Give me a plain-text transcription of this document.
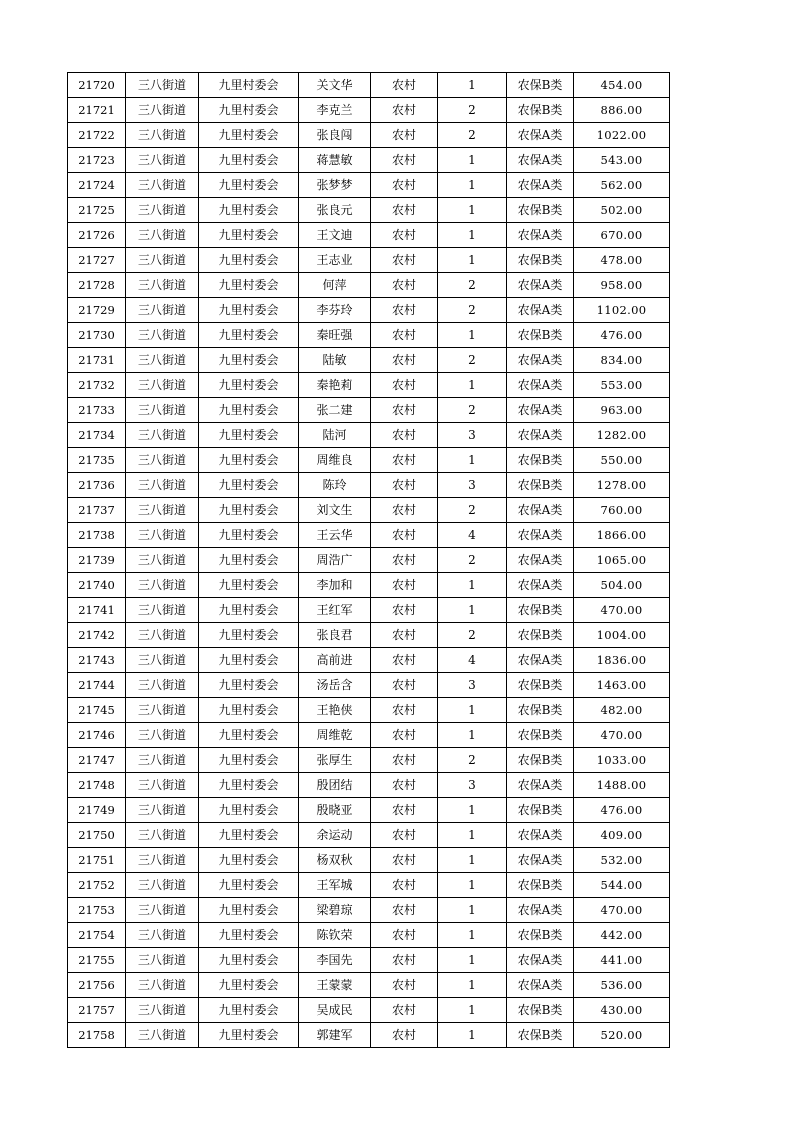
21720	三八街道	九里村委会	关文华	农村	1	农保B类	454.00
21721	三八街道	九里村委会	李克兰	农村	2	农保B类	886.00
21722	三八街道	九里村委会	张良闯	农村	2	农保A类	1022.00
21723	三八街道	九里村委会	蒋慧敏	农村	1	农保A类	543.00
21724	三八街道	九里村委会	张梦梦	农村	1	农保A类	562.00
21725	三八街道	九里村委会	张良元	农村	1	农保B类	502.00
21726	三八街道	九里村委会	王文迪	农村	1	农保A类	670.00
21727	三八街道	九里村委会	王志业	农村	1	农保B类	478.00
21728	三八街道	九里村委会	何萍	农村	2	农保A类	958.00
21729	三八街道	九里村委会	李芬玲	农村	2	农保A类	1102.00
21730	三八街道	九里村委会	秦旺强	农村	1	农保B类	476.00
21731	三八街道	九里村委会	陆敏	农村	2	农保A类	834.00
21732	三八街道	九里村委会	秦艳莉	农村	1	农保A类	553.00
21733	三八街道	九里村委会	张二建	农村	2	农保A类	963.00
21734	三八街道	九里村委会	陆河	农村	3	农保A类	1282.00
21735	三八街道	九里村委会	周维良	农村	1	农保B类	550.00
21736	三八街道	九里村委会	陈玲	农村	3	农保B类	1278.00
21737	三八街道	九里村委会	刘文生	农村	2	农保A类	760.00
21738	三八街道	九里村委会	王云华	农村	4	农保A类	1866.00
21739	三八街道	九里村委会	周浩广	农村	2	农保A类	1065.00
21740	三八街道	九里村委会	李加和	农村	1	农保A类	504.00
21741	三八街道	九里村委会	王红军	农村	1	农保B类	470.00
21742	三八街道	九里村委会	张良君	农村	2	农保B类	1004.00
21743	三八街道	九里村委会	高前进	农村	4	农保A类	1836.00
21744	三八街道	九里村委会	汤岳含	农村	3	农保B类	1463.00
21745	三八街道	九里村委会	王艳侠	农村	1	农保B类	482.00
21746	三八街道	九里村委会	周维乾	农村	1	农保B类	470.00
21747	三八街道	九里村委会	张厚生	农村	2	农保B类	1033.00
21748	三八街道	九里村委会	殷团结	农村	3	农保A类	1488.00
21749	三八街道	九里村委会	殷晓亚	农村	1	农保B类	476.00
21750	三八街道	九里村委会	余运动	农村	1	农保A类	409.00
21751	三八街道	九里村委会	杨双秋	农村	1	农保A类	532.00
21752	三八街道	九里村委会	王军城	农村	1	农保B类	544.00
21753	三八街道	九里村委会	梁碧琼	农村	1	农保A类	470.00
21754	三八街道	九里村委会	陈钦荣	农村	1	农保B类	442.00
21755	三八街道	九里村委会	李国先	农村	1	农保A类	441.00
21756	三八街道	九里村委会	王蒙蒙	农村	1	农保A类	536.00
21757	三八街道	九里村委会	吴成民	农村	1	农保B类	430.00
21758	三八街道	九里村委会	郭建军	农村	1	农保B类	520.00
